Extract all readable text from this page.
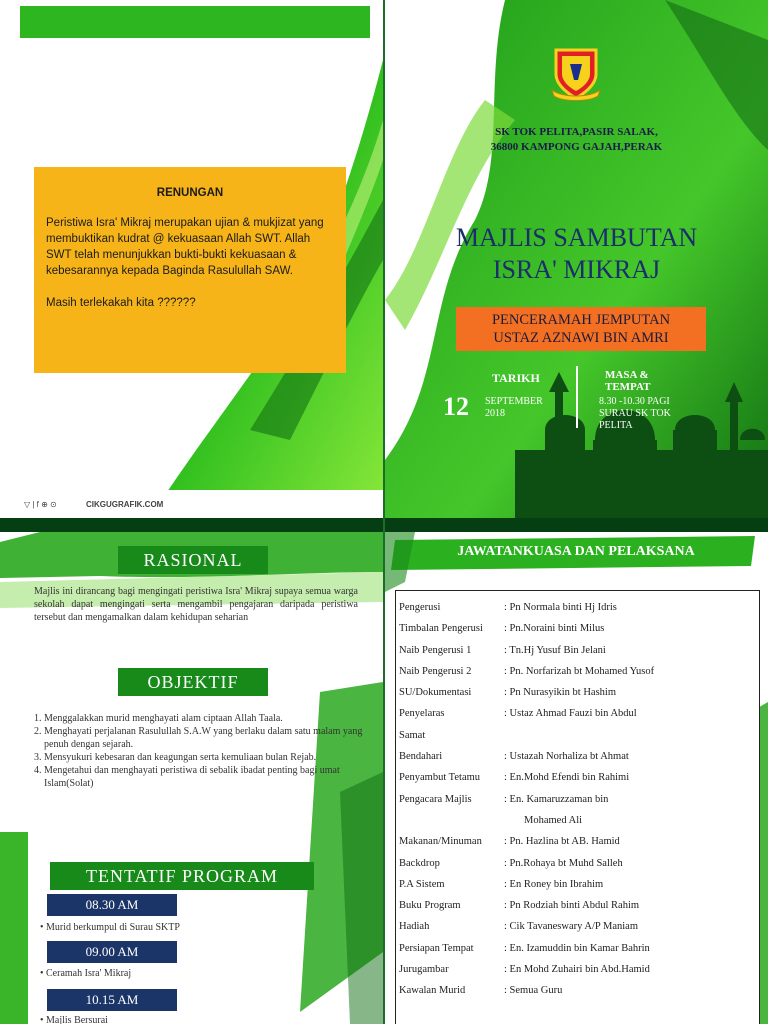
RENUNGAN
Peristiwa Isra' Mikraj merupakan ujian & mukjizat yang membuktikan kudrat @ kekuasaan Allah SWT. Allah SWT telah menunjukkan bukti-bukti kekuasaan & kebesarannya kepada Baginda Rasulullah SAW.
Masih terlekakah kita ??????
▽ | f ⊕ ⊙	CIKGUGRAFIK.COM
SK TOK PELITA,PASIR SALAK,
36800 KAMPONG GAJAH,PERAK
MAJLIS SAMBUTAN
ISRA' MIKRAJ
PENCERAMAH JEMPUTAN
USTAZ AZNAWI BIN AMRI
TARIKH
12 SEPTEMBER
2018
MASA & TEMPAT
8.30 -10.30 PAGI
SURAU SK TOK
PELITA
RASIONAL
Majlis ini dirancang bagi mengingati peristiwa Isra' Mikraj supaya semua warga sekolah dapat mengingati serta mengambil pengajaran daripada peristiwa tersebut dan mengamalkan dalam kehidupan seharian
OBJEKTIF
1. Menggalakkan murid menghayati alam ciptaan Allah Taala.
2. Menghayati perjalanan Rasulullah S.A.W yang berlaku dalam satu malam yang penuh dengan sejarah.
3. Mensyukuri kebesaran dan keagungan serta kemuliaan bulan Rejab.
4. Mengetahui dan menghayati peristiwa di sebalik ibadat penting bagi umat Islam(Solat)
TENTATIF PROGRAM
08.30 AM
• Murid berkumpul di Surau SKTP
09.00 AM
• Ceramah Isra' Mikraj
10.15 AM
• Majlis Bersurai
JAWATANKUASA DAN PELAKSANA
Pengerusi	: Pn Normala binti Hj Idris
Timbalan Pengerusi	: Pn.Noraini binti Milus
Naib Pengerusi 1	: Tn.Hj Yusuf Bin Jelani
Naib Pengerusi 2	: Pn. Norfarizah bt Mohamed Yusof
SU/Dokumentasi	: Pn Nurasyikin bt Hashim
Penyelaras	: Ustaz Ahmad Fauzi bin Abdul
Samat
Bendahari	: Ustazah Norhaliza bt Ahmat
Penyambut Tetamu	: En.Mohd Efendi bin Rahimi
Pengacara Majlis	: En. Kamaruzzaman bin
Mohamed Ali
Makanan/Minuman	: Pn. Hazlina bt AB. Hamid
Backdrop	: Pn.Rohaya bt Muhd Salleh
P.A Sistem	: En Roney bin Ibrahim
Buku Program	: Pn Rodziah binti Abdul Rahim
Hadiah	: Cik Tavaneswary A/P Maniam
Persiapan Tempat	: En. Izamuddin bin Kamar Bahrin
Jurugambar	: En Mohd Zuhairi bin Abd.Hamid
Kawalan Murid	: Semua Guru
